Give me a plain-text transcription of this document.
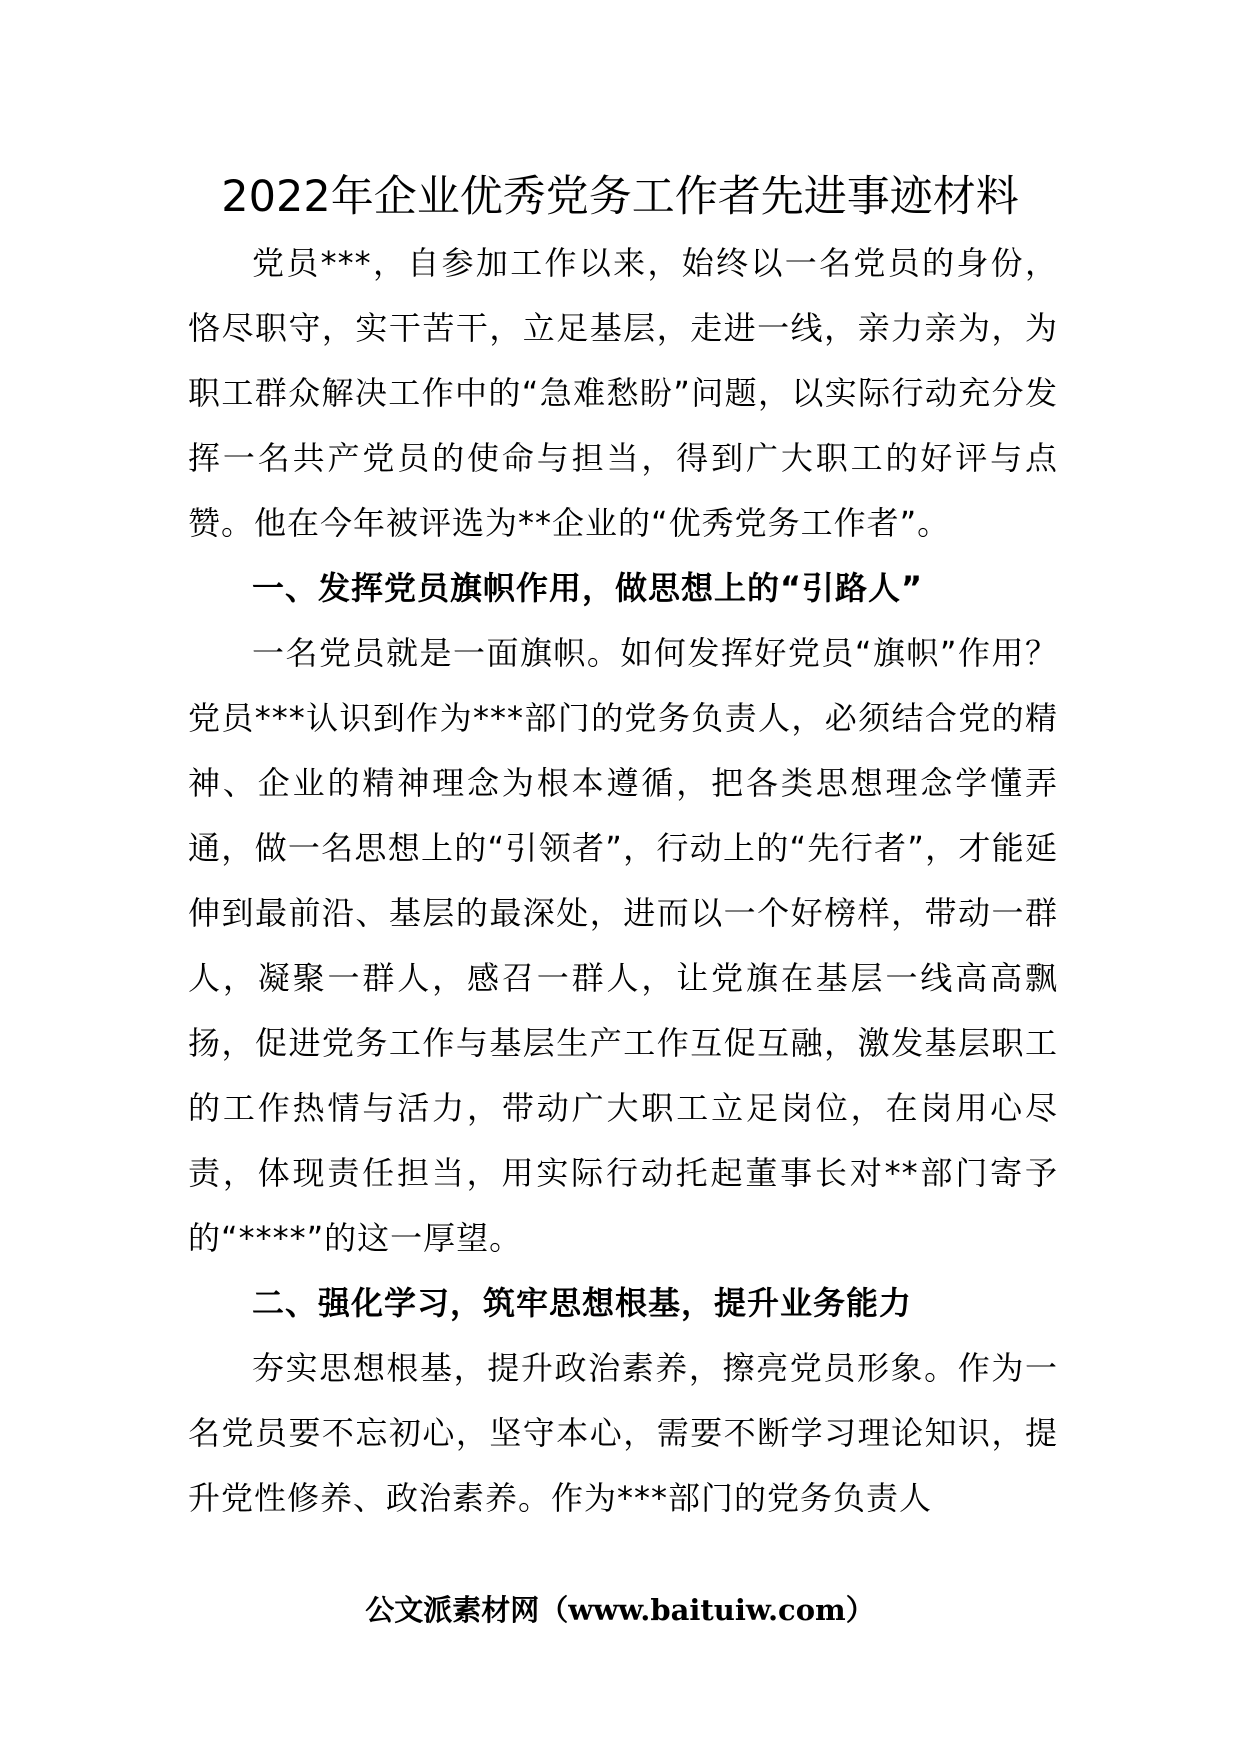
2022年企业优秀党务工作者先进事迹材料

党员***，自参加工作以来，始终以一名党员的身份，恪尽职守，实干苦干，立足基层，走进一线，亲力亲为，为职工群众解决工作中的“急难愁盼”问题，以实际行动充分发挥一名共产党员的使命与担当，得到广大职工的好评与点赞。他在今年被评选为**企业的“优秀党务工作者”。

一、发挥党员旗帜作用，做思想上的“引路人”

一名党员就是一面旗帜。如何发挥好党员“旗帜”作用？党员***认识到作为***部门的党务负责人，必须结合党的精神、企业的精神理念为根本遵循，把各类思想理念学懂弄通，做一名思想上的“引领者”，行动上的“先行者”，才能延伸到最前沿、基层的最深处，进而以一个好榜样，带动一群人，凝聚一群人，感召一群人，让党旗在基层一线高高飘扬，促进党务工作与基层生产工作互促互融，激发基层职工的工作热情与活力，带动广大职工立足岗位，在岗用心尽责，体现责任担当，用实际行动托起董事长对**部门寄予的“****”的这一厚望。

二、强化学习，筑牢思想根基，提升业务能力

夯实思想根基，提升政治素养，擦亮党员形象。作为一名党员要不忘初心，坚守本心，需要不断学习理论知识，提升党性修养、政治素养。作为***部门的党务负责人

公文派素材网（www.baituiw.com）
